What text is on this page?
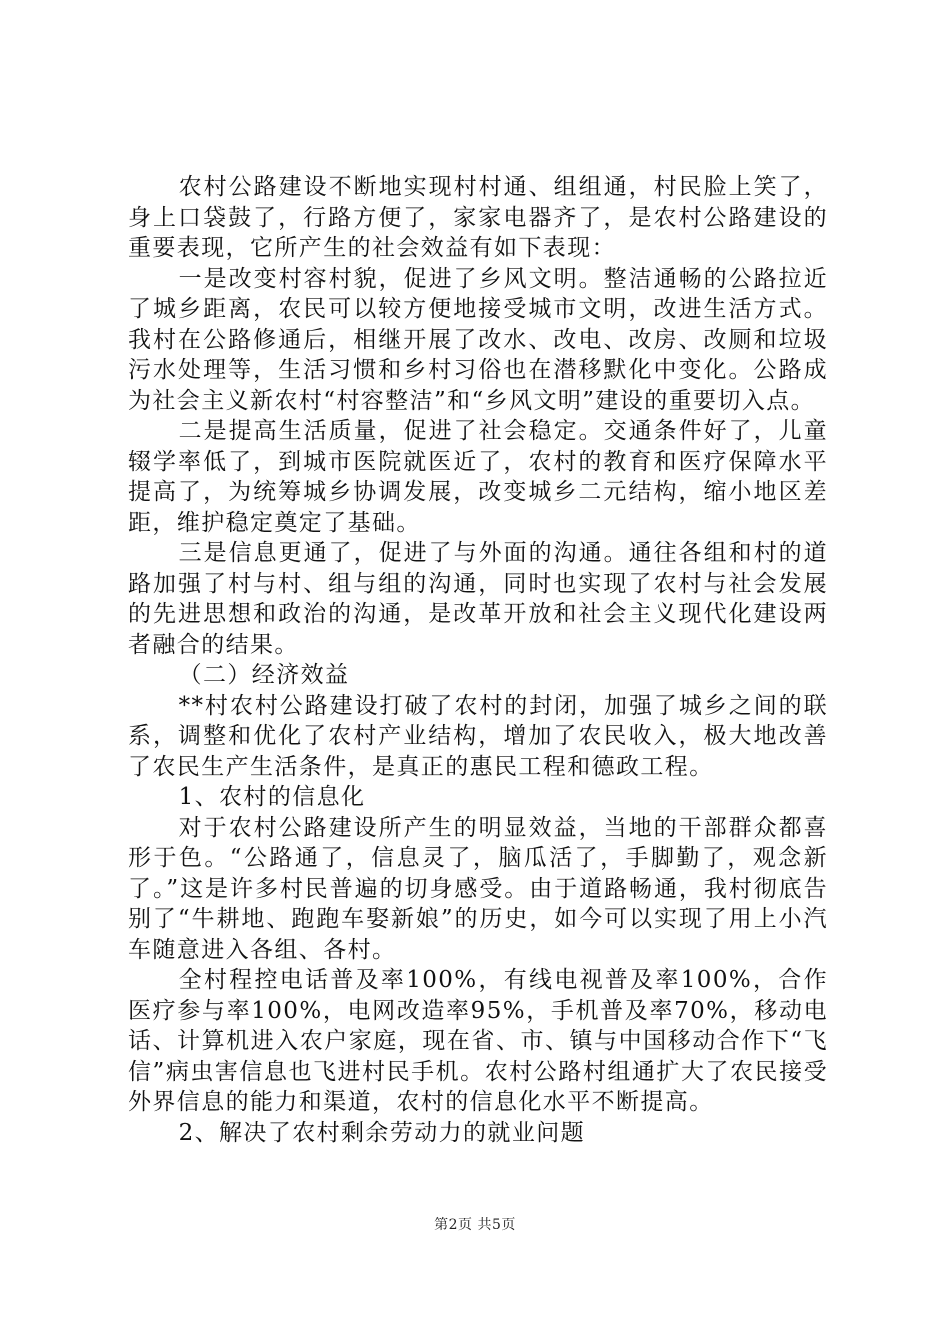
农村公路建设不断地实现村村通、组组通，村民脸上笑了，身上口袋鼓了，行路方便了，家家电器齐了，是农村公路建设的重要表现，它所产生的社会效益有如下表现：

一是改变村容村貌，促进了乡风文明。整洁通畅的公路拉近了城乡距离，农民可以较方便地接受城市文明，改进生活方式。我村在公路修通后，相继开展了改水、改电、改房、改厕和垃圾污水处理等，生活习惯和乡村习俗也在潜移默化中变化。公路成为社会主义新农村“村容整洁”和“乡风文明”建设的重要切入点。

二是提高生活质量，促进了社会稳定。交通条件好了，儿童辍学率低了，到城市医院就医近了，农村的教育和医疗保障水平提高了，为统筹城乡协调发展，改变城乡二元结构，缩小地区差距，维护稳定奠定了基础。

三是信息更通了，促进了与外面的沟通。通往各组和村的道路加强了村与村、组与组的沟通，同时也实现了农村与社会发展的先进思想和政治的沟通，是改革开放和社会主义现代化建设两者融合的结果。

（二）经济效益

**村农村公路建设打破了农村的封闭，加强了城乡之间的联系，调整和优化了农村产业结构，增加了农民收入，极大地改善了农民生产生活条件，是真正的惠民工程和德政工程。

1、农村的信息化

对于农村公路建设所产生的明显效益，当地的干部群众都喜形于色。“公路通了，信息灵了，脑瓜活了，手脚勤了，观念新了。”这是许多村民普遍的切身感受。由于道路畅通，我村彻底告别了“牛耕地、跑跑车娶新娘”的历史，如今可以实现了用上小汽车随意进入各组、各村。

全村程控电话普及率100%，有线电视普及率100%，合作医疗参与率100%，电网改造率95%，手机普及率70%，移动电话、计算机进入农户家庭，现在省、市、镇与中国移动合作下“飞信”病虫害信息也飞进村民手机。农村公路村组通扩大了农民接受外界信息的能力和渠道，农村的信息化水平不断提高。

2、解决了农村剩余劳动力的就业问题

第2页 共5页
